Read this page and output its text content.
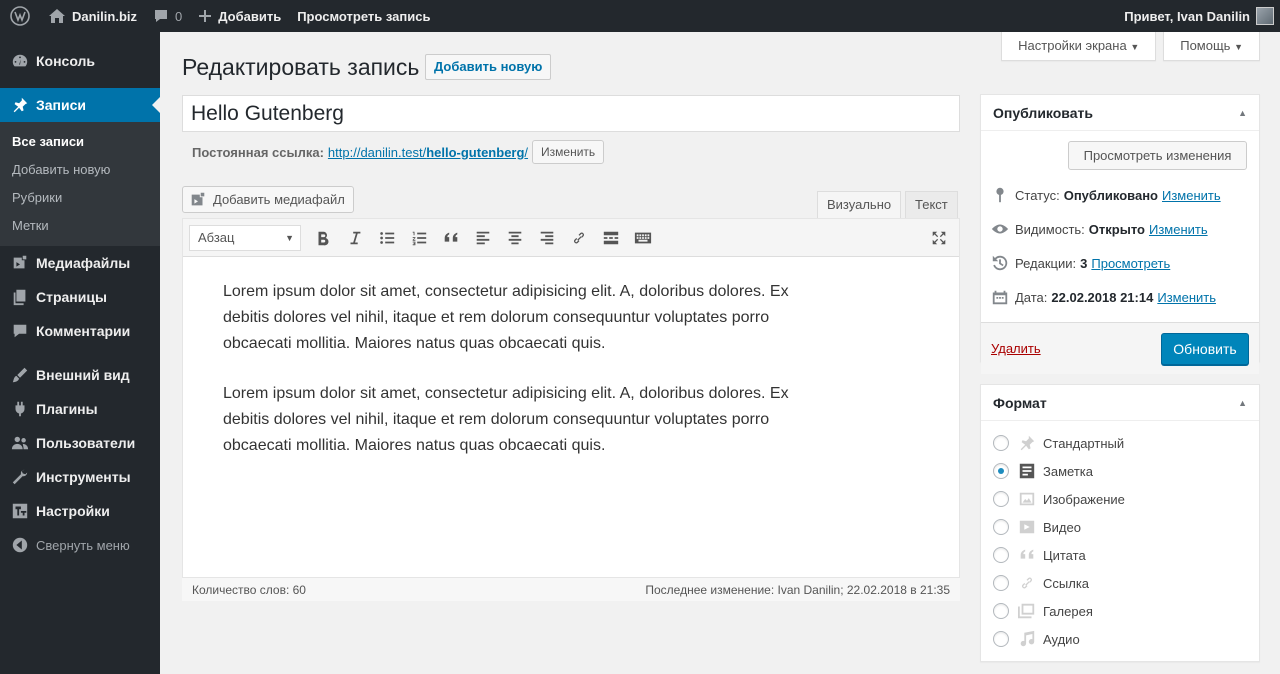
Danilin.biz	0	Добавить Просмотреть запись	Привет, Ivan Danilin
Консоль
Записи
Все записи
Добавить новую
Рубрики
Метки
Медиафайлы
Страницы
Комментарии
Внешний вид
Плагины
Пользователи
Инструменты
Настройки
Свернуть меню
Настройки экрана ▼	Помощь ▼
Редактировать запись	Добавить новую
Hello Gutenberg
Постоянная ссылка: http://danilin.test/hello-gutenberg/	Изменить
Добавить медиафайл	Визуально	Текст
Абзац	▼

Lorem ipsum dolor sit amet, consectetur adipisicing elit. A, doloribus dolores. Ex debitis dolores vel nihil, itaque et rem dolorum consequuntur voluptates porro obcaecati mollitia. Maiores natus quas obcaecati quis.

Lorem ipsum dolor sit amet, consectetur adipisicing elit. A, doloribus dolores. Ex debitis dolores vel nihil, itaque et rem dolorum consequuntur voluptates porro obcaecati mollitia. Maiores natus quas obcaecati quis.

Количество слов: 60	Последнее изменение: Ivan Danilin; 22.02.2018 в 21:35
Опубликовать	▲
Просмотреть изменения
Статус: Опубликовано Изменить
Видимость: Открыто Изменить
Редакции: 3 Просмотреть
Дата: 22.02.2018 21:14 Изменить
Удалить	Обновить
Формат	▲
Стандартный
Заметка
Изображение
Видео
Цитата
Ссылка
Галерея
Аудио
